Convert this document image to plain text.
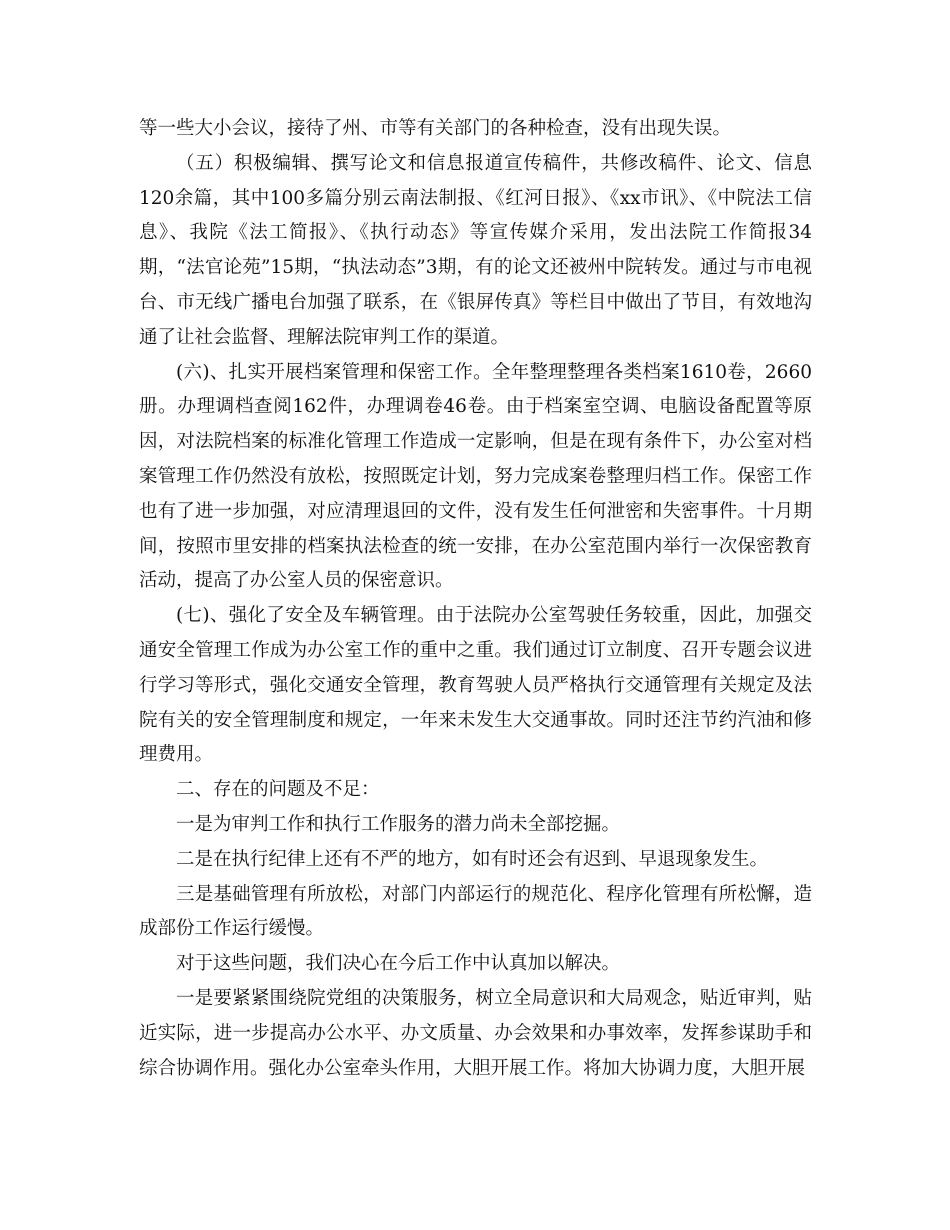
等一些大小会议，接待了州、市等有关部门的各种检查，没有出现失误。

（五）积极编辑、撰写论文和信息报道宣传稿件，共修改稿件、论文、信息120余篇，其中100多篇分别云南法制报、《红河日报》、《xx市讯》、《中院法工信息》、我院《法工简报》、《执行动态》等宣传媒介采用，发出法院工作简报34期，“法官论苑”15期，“执法动态”3期，有的论文还被州中院转发。通过与市电视台、市无线广播电台加强了联系，在《银屏传真》等栏目中做出了节目，有效地沟通了让社会监督、理解法院审判工作的渠道。

(六)、扎实开展档案管理和保密工作。全年整理整理各类档案1610卷，2660册。办理调档查阅162件，办理调卷46卷。由于档案室空调、电脑设备配置等原因，对法院档案的标准化管理工作造成一定影响，但是在现有条件下，办公室对档案管理工作仍然没有放松，按照既定计划，努力完成案卷整理归档工作。保密工作也有了进一步加强，对应清理退回的文件，没有发生任何泄密和失密事件。十月期间，按照市里安排的档案执法检查的统一安排，在办公室范围内举行一次保密教育活动，提高了办公室人员的保密意识。

(七)、强化了安全及车辆管理。由于法院办公室驾驶任务较重，因此，加强交通安全管理工作成为办公室工作的重中之重。我们通过订立制度、召开专题会议进行学习等形式，强化交通安全管理，教育驾驶人员严格执行交通管理有关规定及法院有关的安全管理制度和规定，一年来未发生大交通事故。同时还注节约汽油和修理费用。

二、存在的问题及不足：

一是为审判工作和执行工作服务的潜力尚未全部挖掘。

二是在执行纪律上还有不严的地方，如有时还会有迟到、早退现象发生。

三是基础管理有所放松，对部门内部运行的规范化、程序化管理有所松懈，造成部份工作运行缓慢。

对于这些问题，我们决心在今后工作中认真加以解决。

一是要紧紧围绕院党组的决策服务，树立全局意识和大局观念，贴近审判，贴近实际，进一步提高办公水平、办文质量、办会效果和办事效率，发挥参谋助手和综合协调作用。强化办公室牵头作用，大胆开展工作。将加大协调力度，大胆开展
